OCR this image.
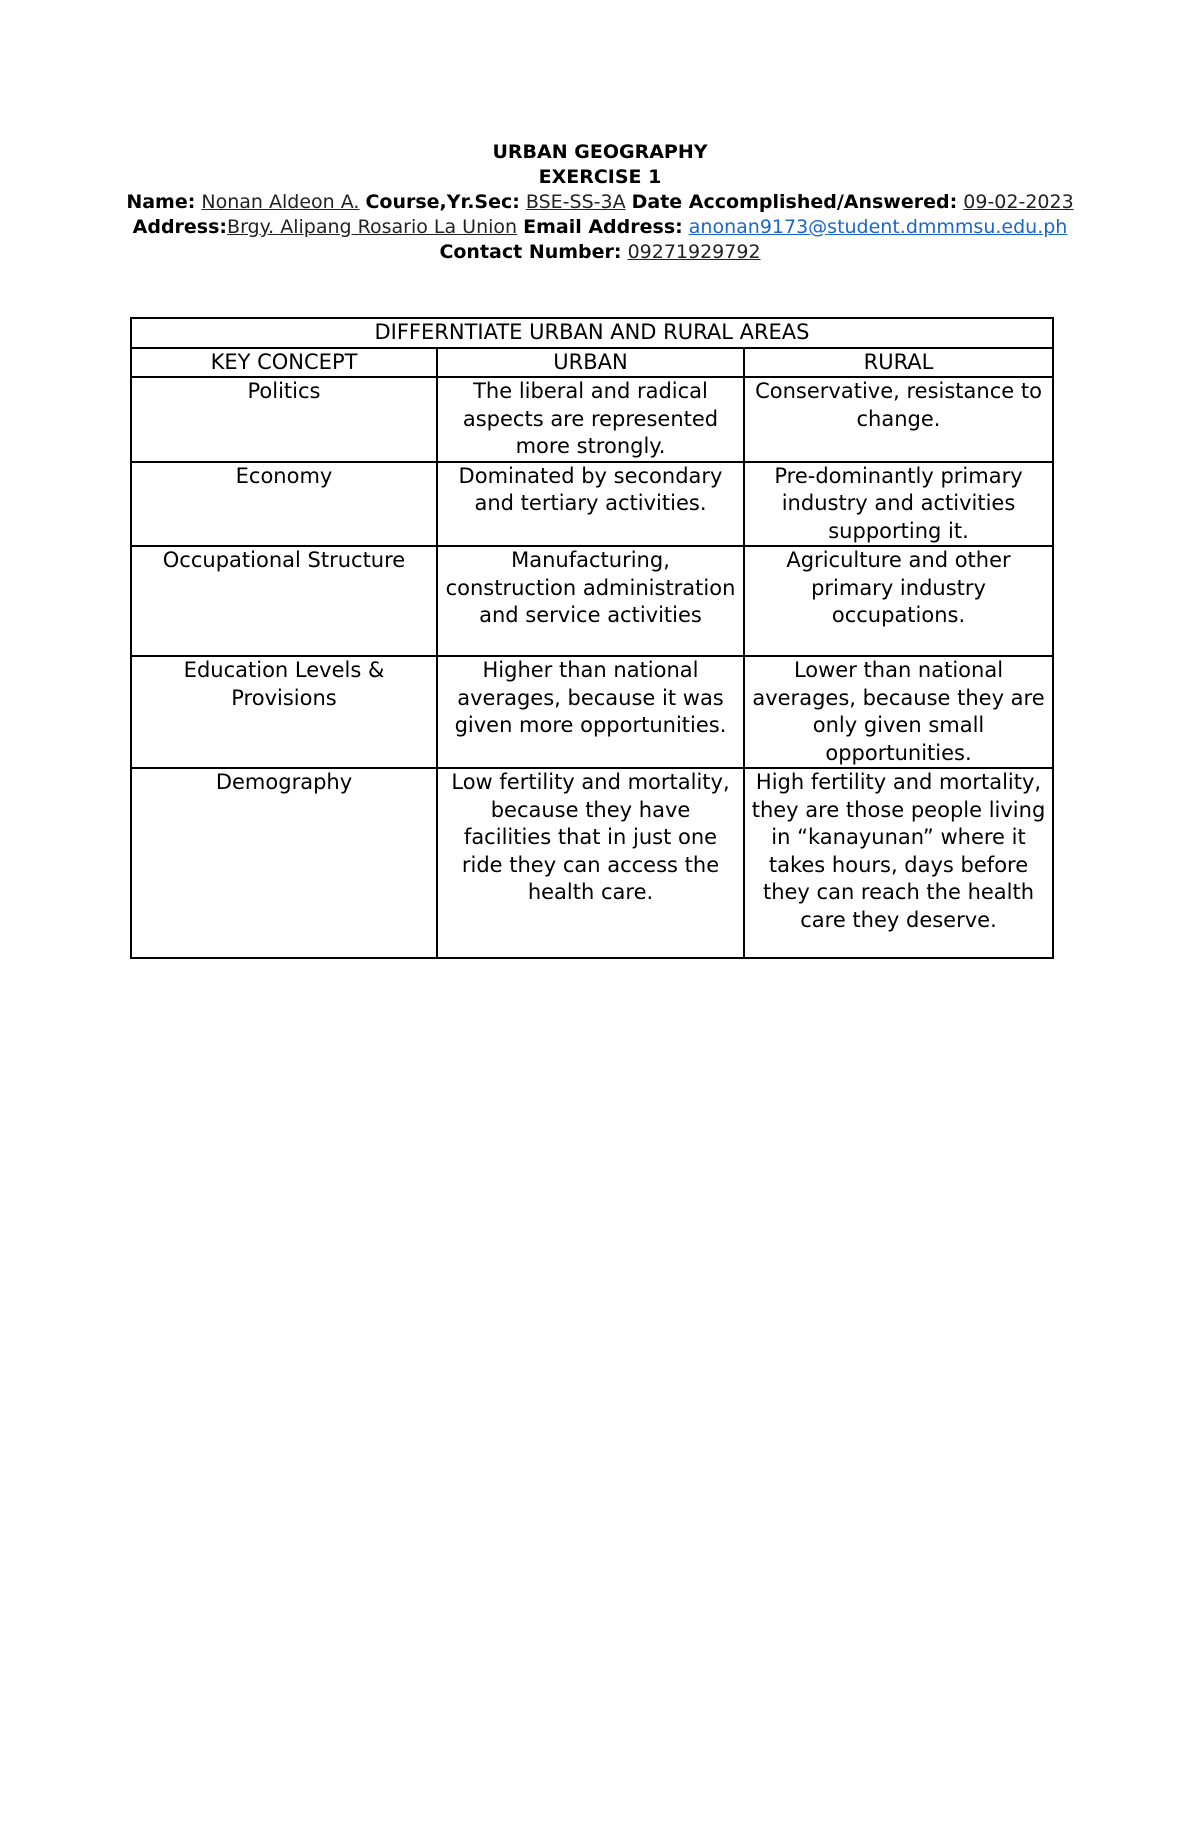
URBAN GEOGRAPHY
EXERCISE 1
Name: Nonan Aldeon A. Course,Yr.Sec: BSE-SS-3A Date Accomplished/Answered: 09-02-2023
Address:Brgy. Alipang Rosario La Union Email Address: anonan9173@student.dmmmsu.edu.ph
Contact Number: 09271929792
DIFFERNTIATE URBAN AND RURAL AREAS		
KEY CONCEPT	URBAN	RURAL
Politics	The liberal and radical aspects are represented more strongly.	Conservative, resistance to change.
Economy	Dominated by secondary and tertiary activities.	Pre-dominantly primary industry and activities supporting it.
Occupational Structure	Manufacturing, construction administration and service activities	Agriculture and other primary industry occupations.
Education Levels & Provisions	Higher than national averages, because it was given more opportunities.	Lower than national averages, because they are only given small opportunities.
Demography	Low fertility and mortality, because they have facilities that in just one ride they can access the health care.	High fertility and mortality, they are those people living in “kanayunan” where it takes hours, days before they can reach the health care they deserve.
